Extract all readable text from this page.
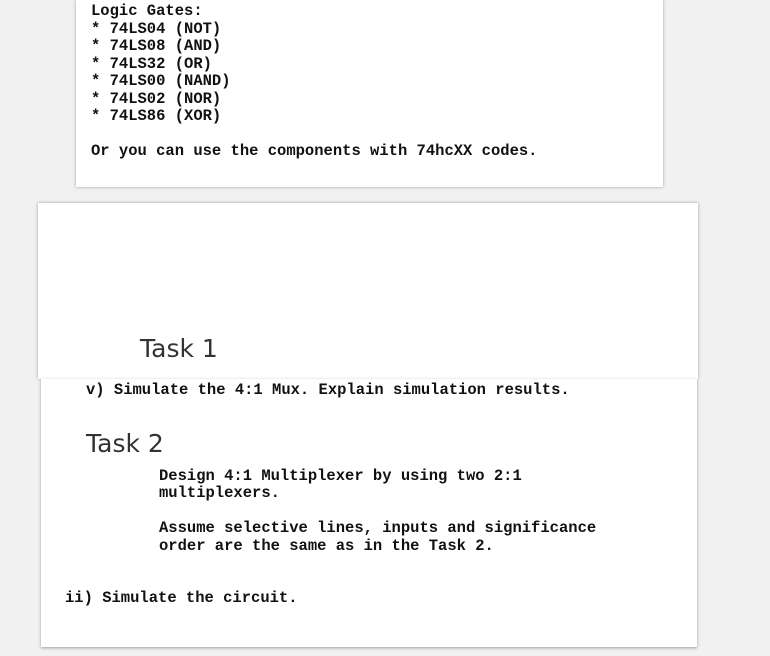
Logic Gates:
* 74LS04 (NOT)
* 74LS08 (AND)
* 74LS32 (OR)
* 74LS00 (NAND)
* 74LS02 (NOR)
* 74LS86 (XOR)
Or you can use the components with 74hcXX codes.
Task 1
v) Simulate the 4:1 Mux. Explain simulation results.
Task 2
Design 4:1 Multiplexer by using two 2:1
multiplexers.
Assume selective lines, inputs and significance
order are the same as in the Task 2.
ii) Simulate the circuit.
